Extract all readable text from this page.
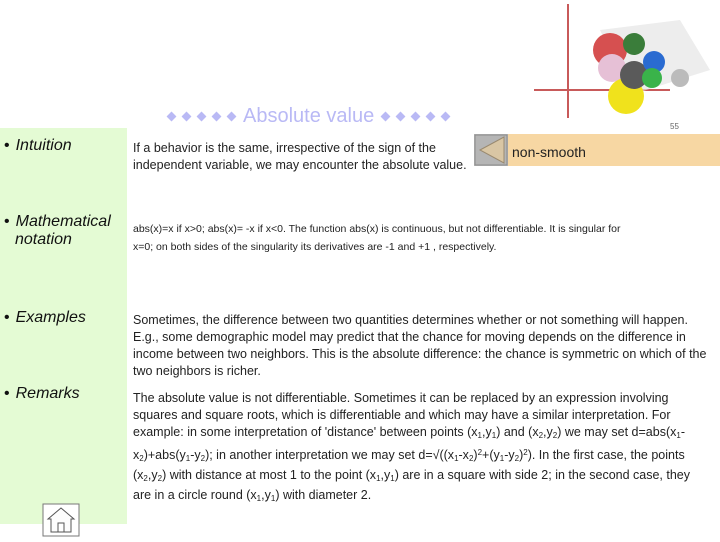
Absolute value	55
non-smooth
• Intuition	If a behavior is the same, irrespective of the sign of the independent variable, we may encounter the absolute value.
• Mathematical
notation
abs(x)=x if x>0; abs(x)= -x if x<0. The function abs(x) is continuous, but not differentiable. It is singular for
x=0; on both sides of the singularity its derivatives are -1 and +1 , respectively.
• Examples	Sometimes, the difference between two quantities determines whether or not something will happen. E.g., some demographic model may predict that the chance for moving depends on the difference in income between two neighbors. This is the absolute difference: the chance is symmetric on which of the two neighbors is richer.
• Remarks	The absolute value is not differentiable. Sometimes it can be replaced by an expression involving squares and square roots, which is differentiable and which may have a similar interpretation. For example: in some interpretation of 'distance' between points $(x_1,y_1)$ and $(x_2,y_2)$ we may set $d=abs(x_1-x_2)+abs(y_1-y_2)$; in another interpretation we may set $d=√((x_1-x_2)^2+(y_1-y_2)^2)$. In the first case, the points $(x_2,y_2)$ with distance at most 1 to the point $(x_1,y_1)$ are in a square with side 2; in the second case, they are in a circle round $(x_1,y_1)$ with diameter 2.
